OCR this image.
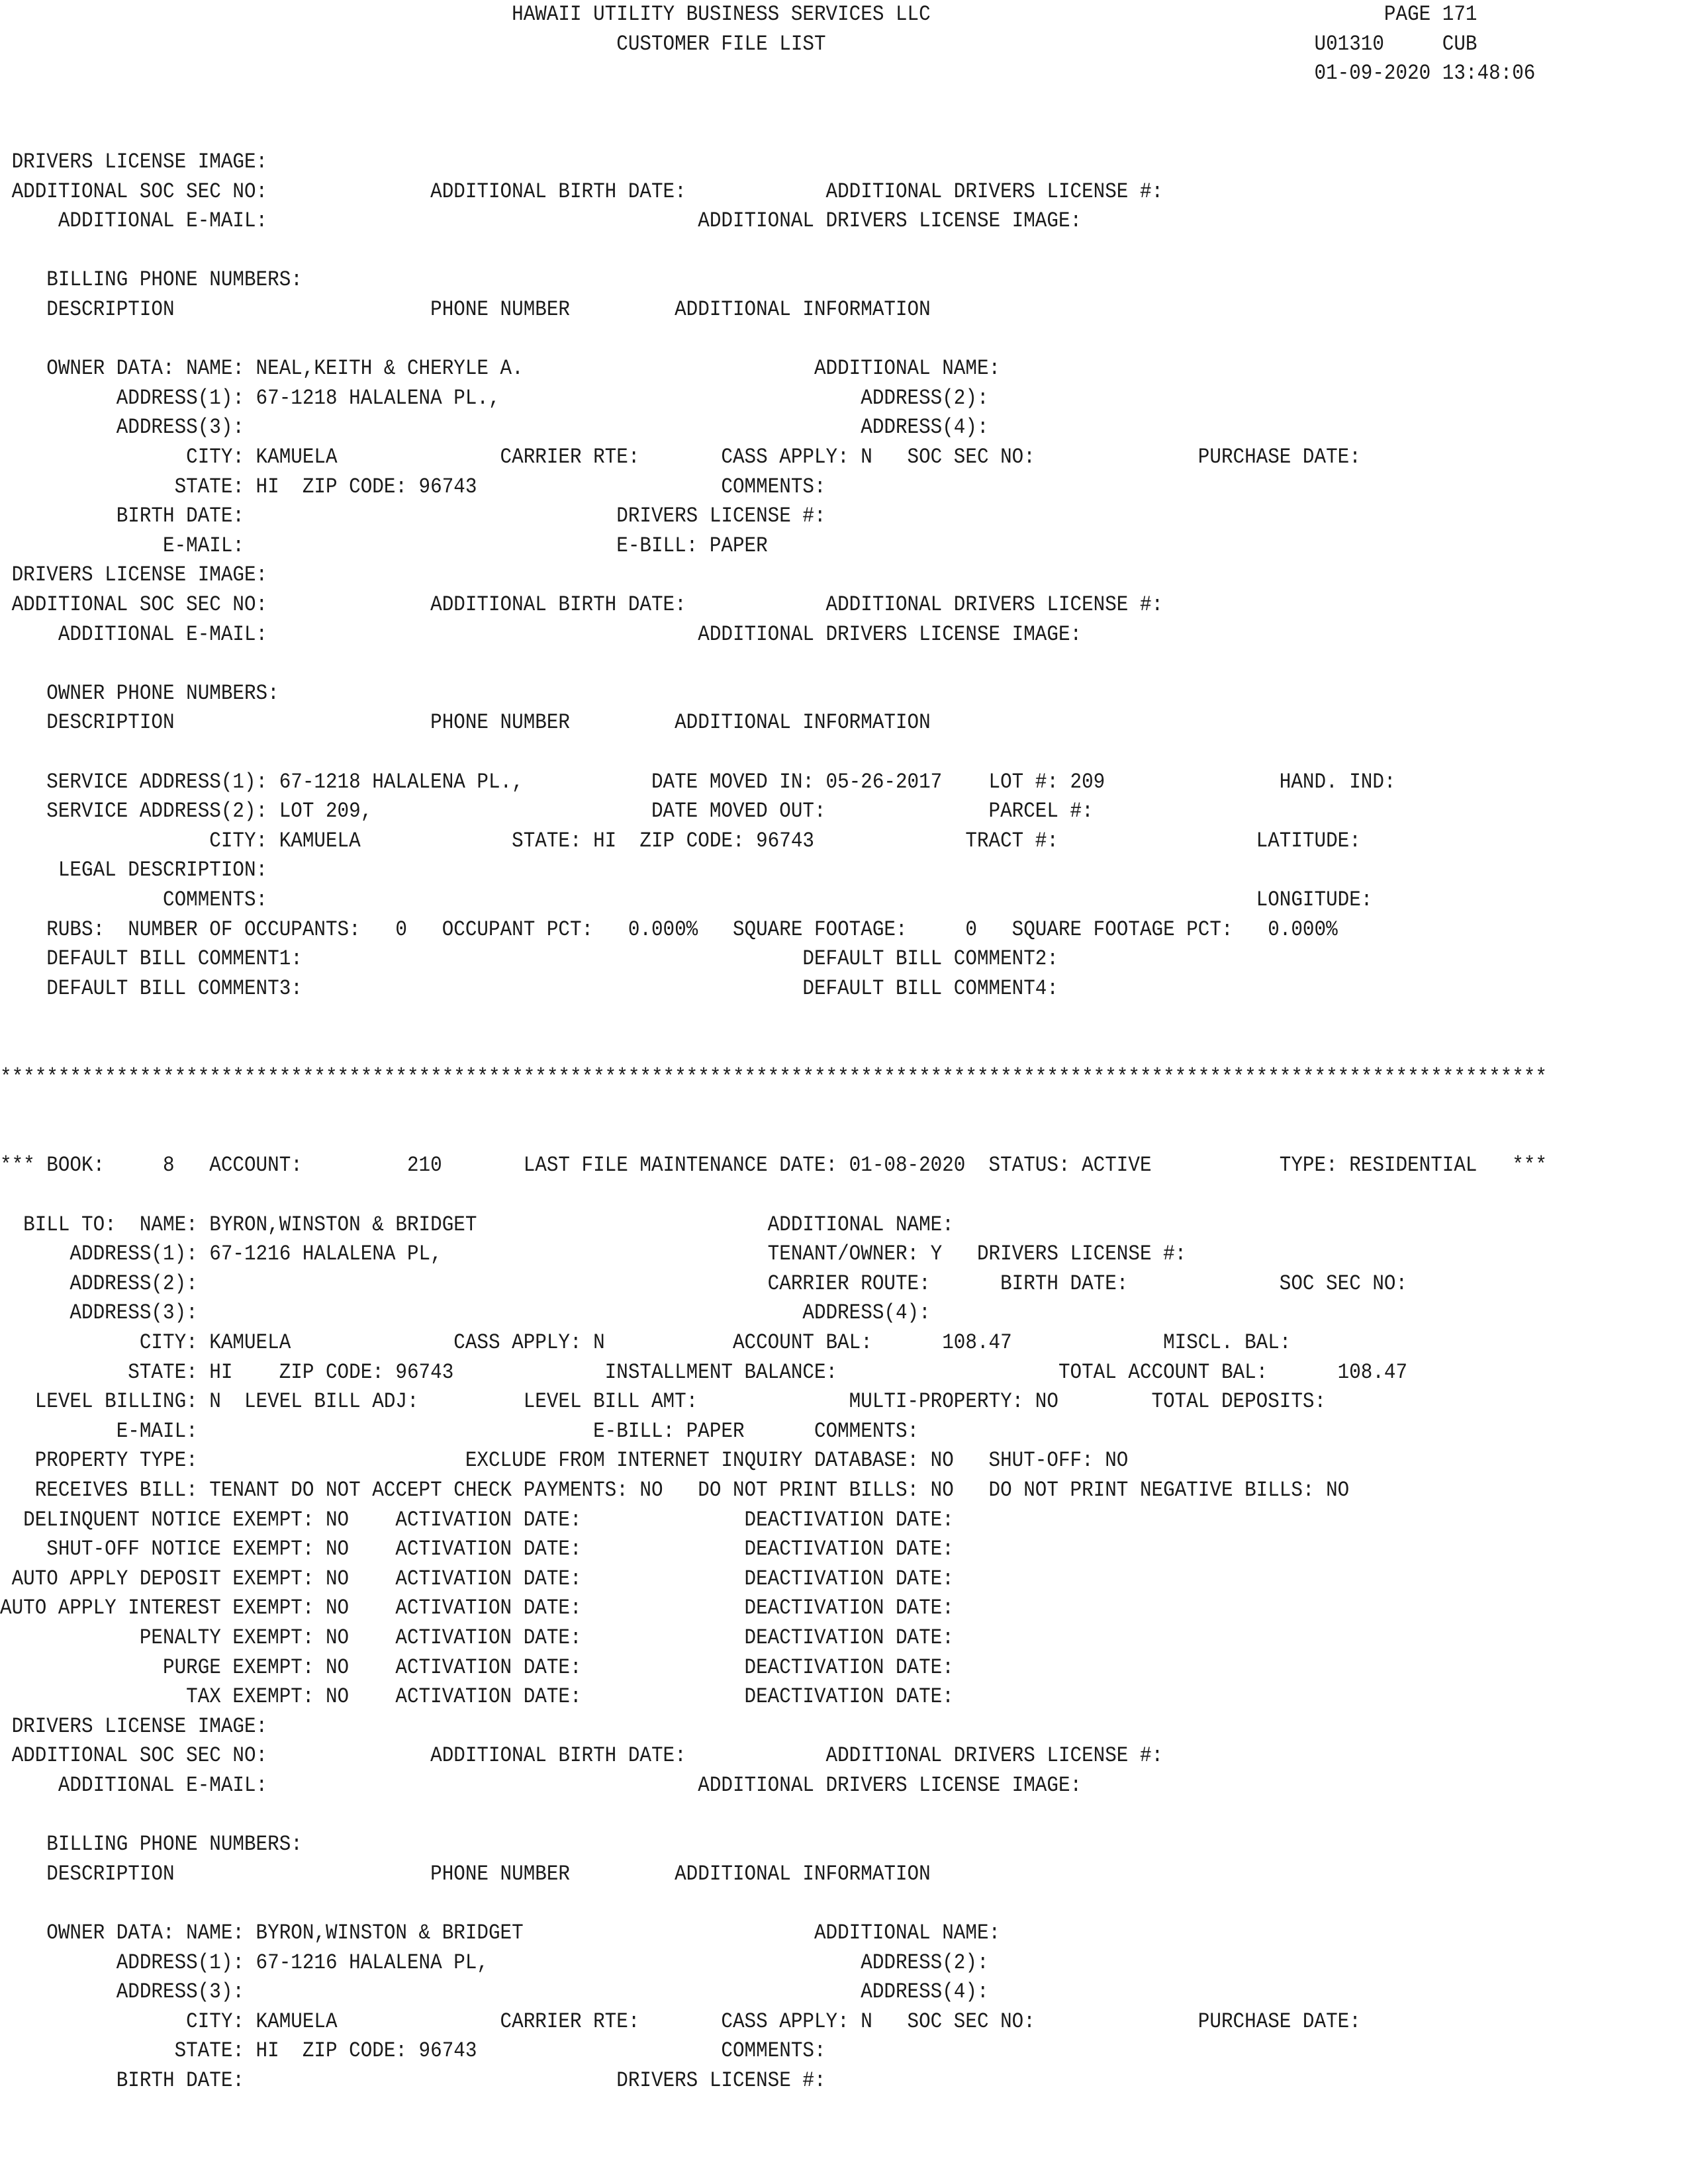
HAWAII UTILITY BUSINESS SERVICES LLC                                       PAGE 171
CUSTOMER FILE LIST                                          U01310     CUB
01-09-2020 13:48:06
DRIVERS LICENSE IMAGE:
ADDITIONAL SOC SEC NO:              ADDITIONAL BIRTH DATE:            ADDITIONAL DRIVERS LICENSE #:
ADDITIONAL E-MAIL:                                     ADDITIONAL DRIVERS LICENSE IMAGE:
BILLING PHONE NUMBERS:
DESCRIPTION                      PHONE NUMBER         ADDITIONAL INFORMATION
OWNER DATA: NAME: NEAL,KEITH & CHERYLE A.                         ADDITIONAL NAME:
ADDRESS(1): 67-1218 HALALENA PL.,                               ADDRESS(2):
ADDRESS(3):                                                     ADDRESS(4):
CITY: KAMUELA              CARRIER RTE:       CASS APPLY: N   SOC SEC NO:              PURCHASE DATE:
STATE: HI  ZIP CODE: 96743                     COMMENTS:
BIRTH DATE:                                DRIVERS LICENSE #:
E-MAIL:                                E-BILL: PAPER
DRIVERS LICENSE IMAGE:
ADDITIONAL SOC SEC NO:              ADDITIONAL BIRTH DATE:            ADDITIONAL DRIVERS LICENSE #:
ADDITIONAL E-MAIL:                                     ADDITIONAL DRIVERS LICENSE IMAGE:
OWNER PHONE NUMBERS:
DESCRIPTION                      PHONE NUMBER         ADDITIONAL INFORMATION
SERVICE ADDRESS(1): 67-1218 HALALENA PL.,           DATE MOVED IN: 05-26-2017    LOT #: 209               HAND. IND:
SERVICE ADDRESS(2): LOT 209,                        DATE MOVED OUT:              PARCEL #:
CITY: KAMUELA             STATE: HI  ZIP CODE: 96743             TRACT #:                 LATITUDE:
LEGAL DESCRIPTION:
COMMENTS:                                                                                     LONGITUDE:
RUBS:  NUMBER OF OCCUPANTS:   0   OCCUPANT PCT:   0.000%   SQUARE FOOTAGE:     0   SQUARE FOOTAGE PCT:   0.000%
DEFAULT BILL COMMENT1:                                           DEFAULT BILL COMMENT2:
DEFAULT BILL COMMENT3:                                           DEFAULT BILL COMMENT4:
*************************************************************************************************************************************
*** BOOK:     8   ACCOUNT:         210       LAST FILE MAINTENANCE DATE: 01-08-2020  STATUS: ACTIVE           TYPE: RESIDENTIAL   ***
BILL TO:  NAME: BYRON,WINSTON & BRIDGET                         ADDITIONAL NAME:
ADDRESS(1): 67-1216 HALALENA PL,                            TENANT/OWNER: Y   DRIVERS LICENSE #:
ADDRESS(2):                                                 CARRIER ROUTE:      BIRTH DATE:             SOC SEC NO:
ADDRESS(3):                                                    ADDRESS(4):
CITY: KAMUELA              CASS APPLY: N           ACCOUNT BAL:      108.47             MISCL. BAL:
STATE: HI    ZIP CODE: 96743             INSTALLMENT BALANCE:                   TOTAL ACCOUNT BAL:      108.47
LEVEL BILLING: N  LEVEL BILL ADJ:         LEVEL BILL AMT:             MULTI-PROPERTY: NO        TOTAL DEPOSITS:
E-MAIL:                                  E-BILL: PAPER      COMMENTS:
PROPERTY TYPE:                       EXCLUDE FROM INTERNET INQUIRY DATABASE: NO   SHUT-OFF: NO
RECEIVES BILL: TENANT DO NOT ACCEPT CHECK PAYMENTS: NO   DO NOT PRINT BILLS: NO   DO NOT PRINT NEGATIVE BILLS: NO
DELINQUENT NOTICE EXEMPT: NO    ACTIVATION DATE:              DEACTIVATION DATE:
SHUT-OFF NOTICE EXEMPT: NO    ACTIVATION DATE:              DEACTIVATION DATE:
AUTO APPLY DEPOSIT EXEMPT: NO    ACTIVATION DATE:              DEACTIVATION DATE:
AUTO APPLY INTEREST EXEMPT: NO    ACTIVATION DATE:              DEACTIVATION DATE:
PENALTY EXEMPT: NO    ACTIVATION DATE:              DEACTIVATION DATE:
PURGE EXEMPT: NO    ACTIVATION DATE:              DEACTIVATION DATE:
TAX EXEMPT: NO    ACTIVATION DATE:              DEACTIVATION DATE:
DRIVERS LICENSE IMAGE:
ADDITIONAL SOC SEC NO:              ADDITIONAL BIRTH DATE:            ADDITIONAL DRIVERS LICENSE #:
ADDITIONAL E-MAIL:                                     ADDITIONAL DRIVERS LICENSE IMAGE:
BILLING PHONE NUMBERS:
DESCRIPTION                      PHONE NUMBER         ADDITIONAL INFORMATION
OWNER DATA: NAME: BYRON,WINSTON & BRIDGET                         ADDITIONAL NAME:
ADDRESS(1): 67-1216 HALALENA PL,                                ADDRESS(2):
ADDRESS(3):                                                     ADDRESS(4):
CITY: KAMUELA              CARRIER RTE:       CASS APPLY: N   SOC SEC NO:              PURCHASE DATE:
STATE: HI  ZIP CODE: 96743                     COMMENTS:
BIRTH DATE:                                DRIVERS LICENSE #:
